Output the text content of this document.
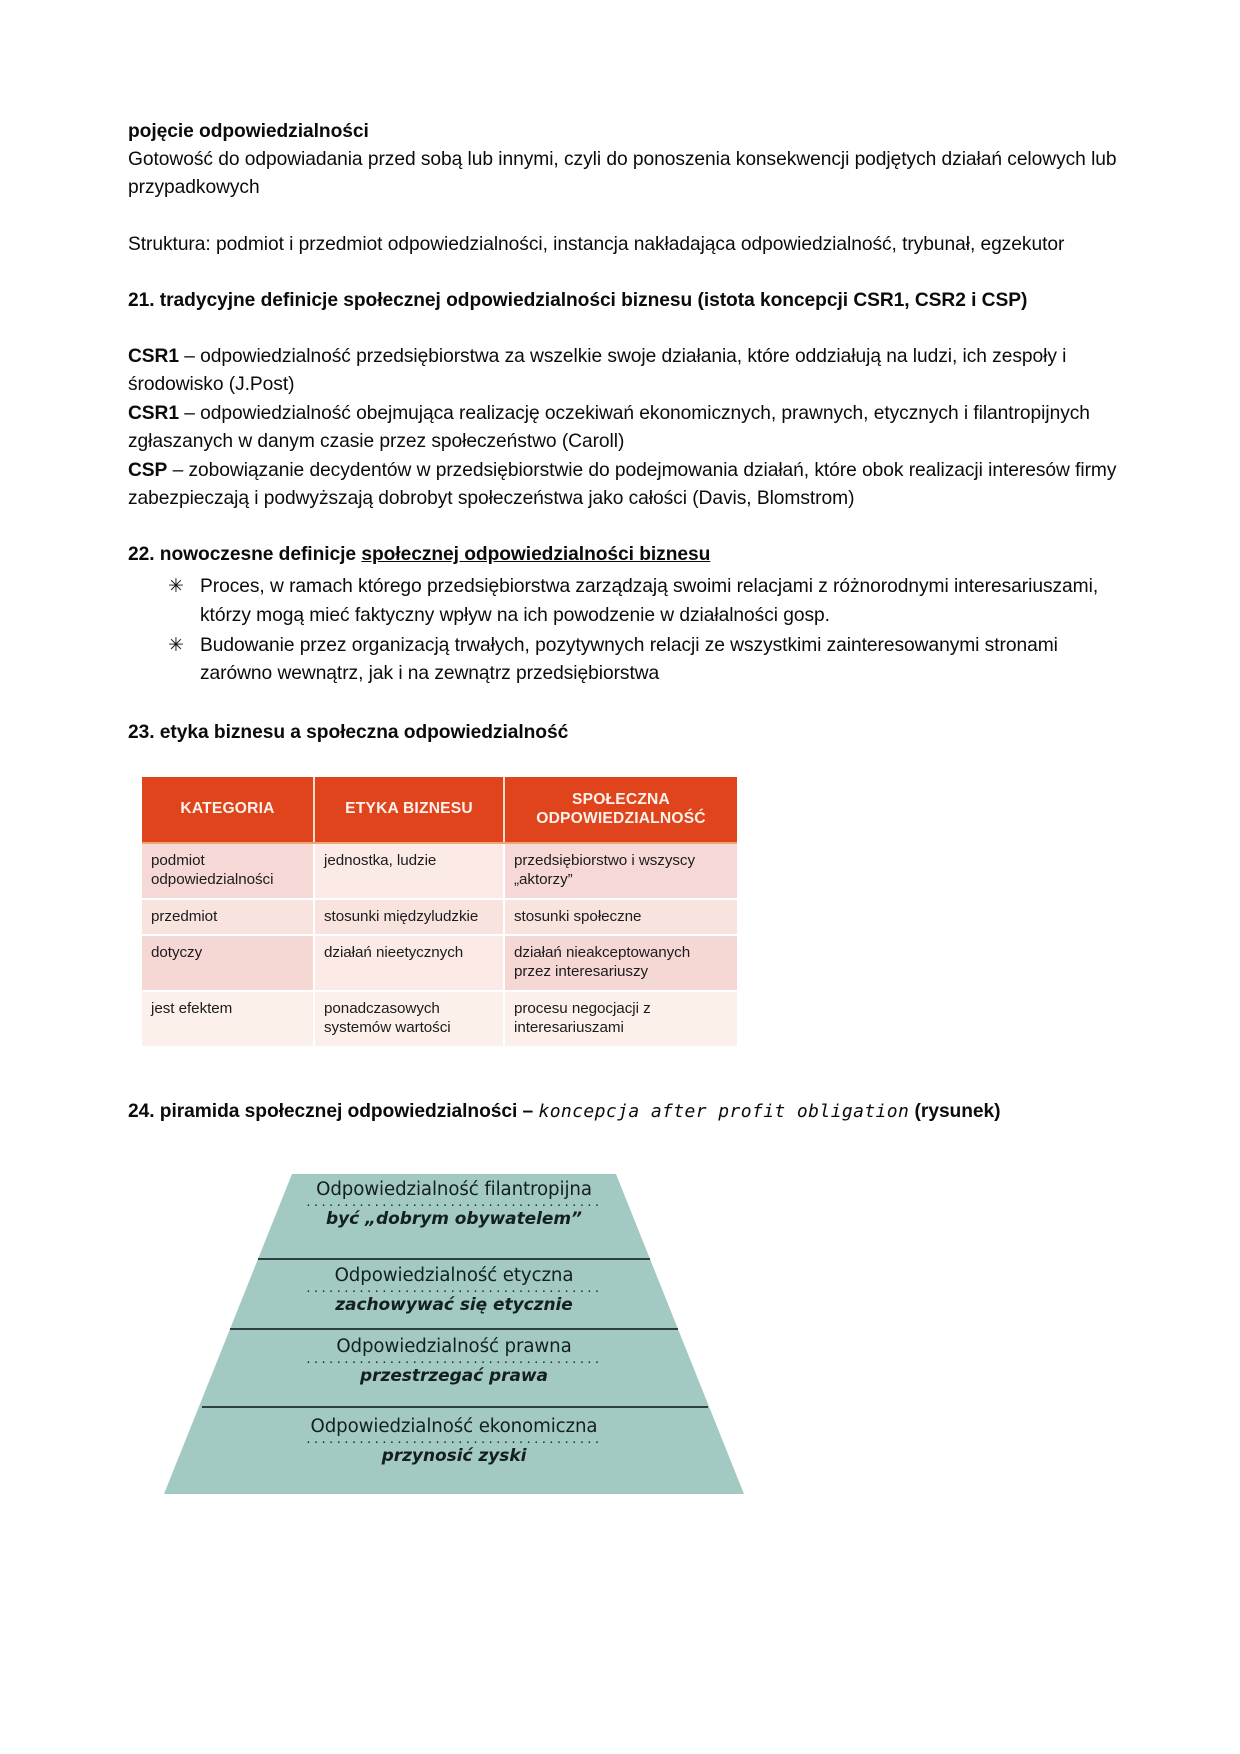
pojęcie odpowiedzialności

Gotowość do odpowiadania przed sobą lub innymi, czyli do ponoszenia konsekwencji podjętych działań celowych lub przypadkowych

Struktura: podmiot i przedmiot odpowiedzialności, instancja nakładająca odpowiedzialność, trybunał, egzekutor

21. tradycyjne definicje społecznej odpowiedzialności biznesu (istota koncepcji CSR1, CSR2 i CSP)

CSR1 – odpowiedzialność przedsiębiorstwa za wszelkie swoje działania, które oddziałują na ludzi, ich zespoły i środowisko (J.Post)

CSR1 – odpowiedzialność obejmująca realizację oczekiwań ekonomicznych, prawnych, etycznych i filantropijnych zgłaszanych w danym czasie przez społeczeństwo (Caroll)

CSP – zobowiązanie decydentów w przedsiębiorstwie do podejmowania działań, które obok realizacji interesów firmy zabezpieczają i podwyższają dobrobyt społeczeństwa jako całości (Davis, Blomstrom)

22. nowoczesne definicje społecznej odpowiedzialności biznesu
✳ Proces, w ramach którego przedsiębiorstwa zarządzają swoimi relacjami z różnorodnymi interesariuszami, którzy mogą mieć faktyczny wpływ na ich powodzenie w działalności gosp.
✳ Budowanie przez organizacją trwałych, pozytywnych relacji ze wszystkimi zainteresowanymi stronami zarówno wewnątrz, jak i na zewnątrz przedsiębiorstwa
23. etyka biznesu a społeczna odpowiedzialność
KATEGORIA	ETYKA BIZNESU	SPOŁECZNA
ODPOWIEDZIALNOŚĆ
podmiot odpowiedzialności	jednostka, ludzie	przedsiębiorstwo i wszyscy „aktorzy”
przedmiot	stosunki międzyludzkie	stosunki społeczne
dotyczy	działań nieetycznych	działań nieakceptowanych przez interesariuszy
jest efektem	ponadczasowych systemów wartości	procesu negocjacji z interesariuszami
24. piramida społecznej odpowiedzialności – koncepcja after profit obligation (rysunek)
Odpowiedzialność filantropijna
·······································
być „dobrym obywatelem”
Odpowiedzialność etyczna
·······································
zachowywać się etycznie
Odpowiedzialność prawna
·······································
przestrzegać prawa
Odpowiedzialność ekonomiczna
·······································
przynosić zyski
